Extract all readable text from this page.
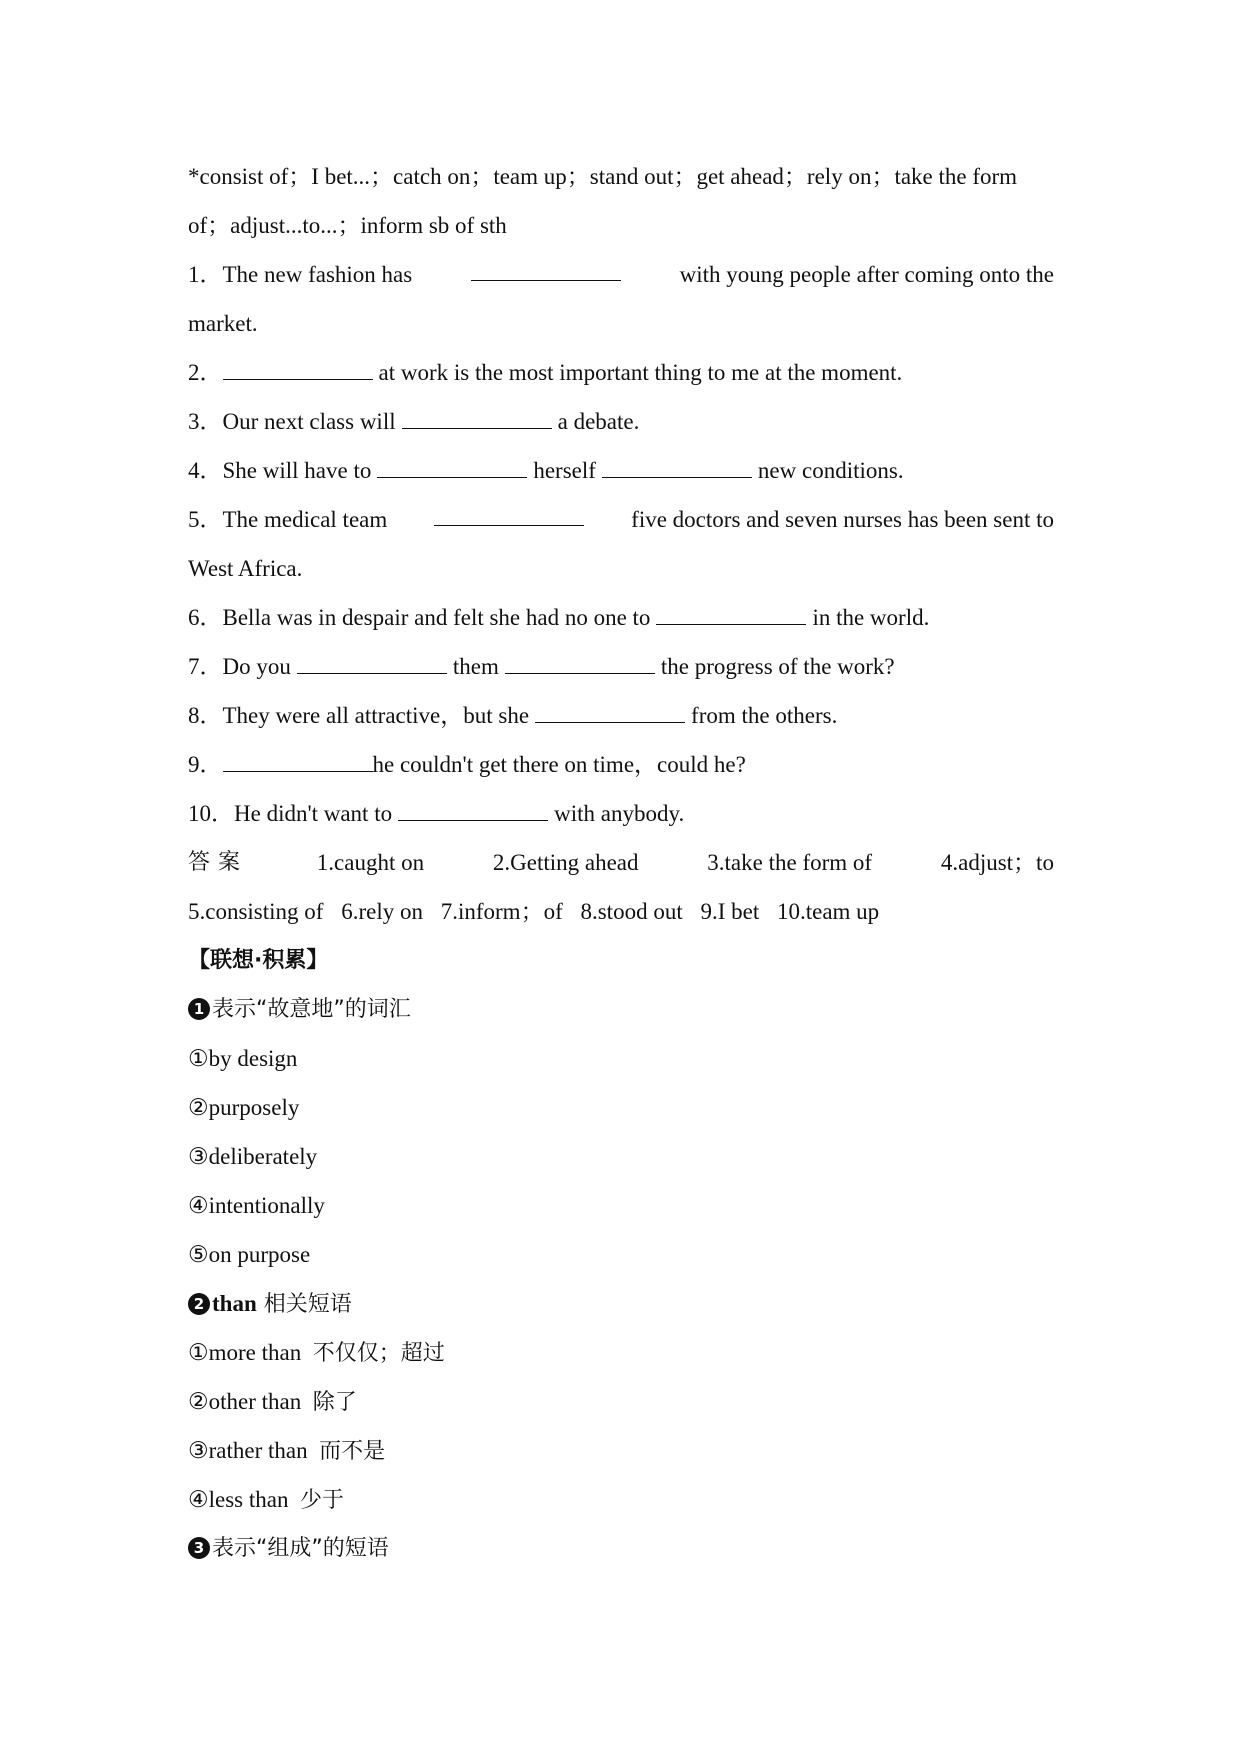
*consist of；I bet...；catch on；team up；stand out；get ahead；rely on；take the form
of；adjust...to...；inform sb of sth
1．The new fashion has	with young people after coming onto the
market.
2．	at work is the most important thing to me at the moment.
3．Our next class will	a debate.
4．She will have to	herself	new conditions.
5．The medical team	five doctors and seven nurses has been sent to
West Africa.
6．Bella was in despair and felt she had no one to	in the world.
7．Do you	them	the progress of the work?
8．They were all attractive，but she	from the others.
9．	he couldn't get there on time，could he?
10．He didn't want to	with anybody.
答案	1.caught on	2.Getting ahead	3.take the form of	4.adjust；to
5.consisting of 6.rely on 7.inform；of 8.stood out 9.I bet 10.team up
【联想·积累】
1 表示“故意地”的词汇
①by design
②purposely
③deliberately
④intentionally
⑤on purpose
2 than 相关短语
①more than 不仅仅；超过
②other than 除了
③rather than 而不是
④less than 少于
3 表示“组成”的短语
